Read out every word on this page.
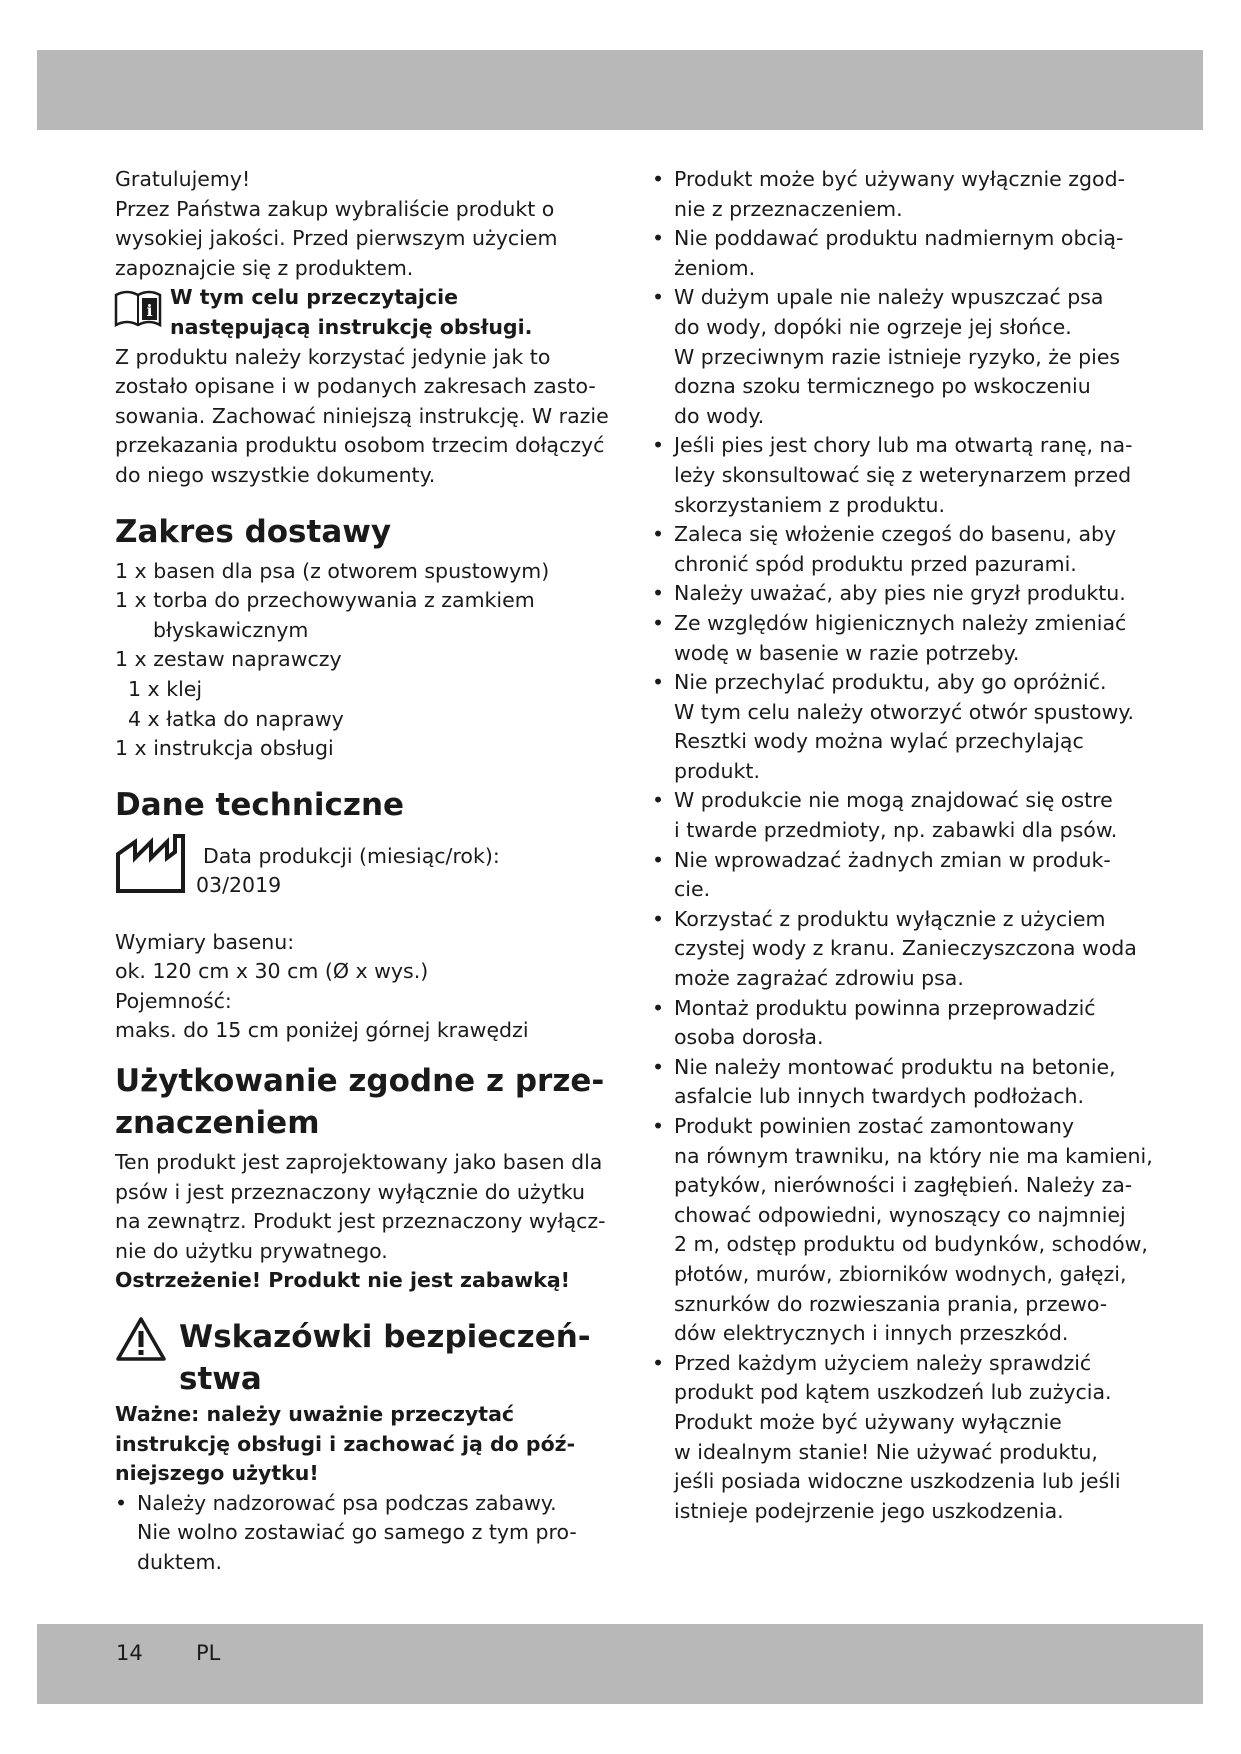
Gratulujemy!
Przez Państwa zakup wybraliście produkt o
wysokiej jakości. Przed pierwszym użyciem
zapoznajcie się z produktem.
i
W tym celu przeczytajcie
następującą instrukcję obsługi.
Z produktu należy korzystać jedynie jak to
zostało opisane i w podanych zakresach zasto-
sowania. Zachować niniejszą instrukcję. W razie
przekazania produktu osobom trzecim dołączyć
do niego wszystkie dokumenty.
Zakres dostawy
1 x basen dla psa (z otworem spustowym)
1 x torba do przechowywania z zamkiem
błyskawicznym
1 x zestaw naprawczy
1 x klej
4 x łatka do naprawy
1 x instrukcja obsługi
Dane techniczne
Data produkcji (miesiąc/rok):
03/2019
Wymiary basenu:
ok. 120 cm x 30 cm (Ø x wys.)
Pojemność:
maks. do 15 cm poniżej górnej krawędzi
Użytkowanie zgodne z prze-
znaczeniem
Ten produkt jest zaprojektowany jako basen dla
psów i jest przeznaczony wyłącznie do użytku
na zewnątrz. Produkt jest przeznaczony wyłącz-
nie do użytku prywatnego.
Ostrzeżenie! Produkt nie jest zabawką!
Wskazówki bezpieczeń-
stwa
Ważne: należy uważnie przeczytać
instrukcję obsługi i zachować ją do póź-
niejszego użytku!
• Należy nadzorować psa podczas zabawy.
Nie wolno zostawiać go samego z tym pro-
duktem.
• Produkt może być używany wyłącznie zgod-
nie z przeznaczeniem.
• Nie poddawać produktu nadmiernym obcią-
żeniom.
• W dużym upale nie należy wpuszczać psa
do wody, dopóki nie ogrzeje jej słońce.
W przeciwnym razie istnieje ryzyko, że pies
dozna szoku termicznego po wskoczeniu
do wody.
• Jeśli pies jest chory lub ma otwartą ranę, na-
leży skonsultować się z weterynarzem przed
skorzystaniem z produktu.
• Zaleca się włożenie czegoś do basenu, aby
chronić spód produktu przed pazurami.
• Należy uważać, aby pies nie gryzł produktu.
• Ze względów higienicznych należy zmieniać
wodę w basenie w razie potrzeby.
• Nie przechylać produktu, aby go opróżnić.
W tym celu należy otworzyć otwór spustowy.
Resztki wody można wylać przechylając
produkt.
• W produkcie nie mogą znajdować się ostre
i twarde przedmioty, np. zabawki dla psów.
• Nie wprowadzać żadnych zmian w produk-
cie.
• Korzystać z produktu wyłącznie z użyciem
czystej wody z kranu. Zanieczyszczona woda
może zagrażać zdrowiu psa.
• Montaż produktu powinna przeprowadzić
osoba dorosła.
• Nie należy montować produktu na betonie,
asfalcie lub innych twardych podłożach.
• Produkt powinien zostać zamontowany
na równym trawniku, na który nie ma kamieni,
patyków, nierówności i zagłębień. Należy za-
chować odpowiedni, wynoszący co najmniej
2 m, odstęp produktu od budynków, schodów,
płotów, murów, zbiorników wodnych, gałęzi,
sznurków do rozwieszania prania, przewo-
dów elektrycznych i innych przeszkód.
• Przed każdym użyciem należy sprawdzić
produkt pod kątem uszkodzeń lub zużycia.
Produkt może być używany wyłącznie
w idealnym stanie! Nie używać produktu,
jeśli posiada widoczne uszkodzenia lub jeśli
istnieje podejrzenie jego uszkodzenia.
14	PL
